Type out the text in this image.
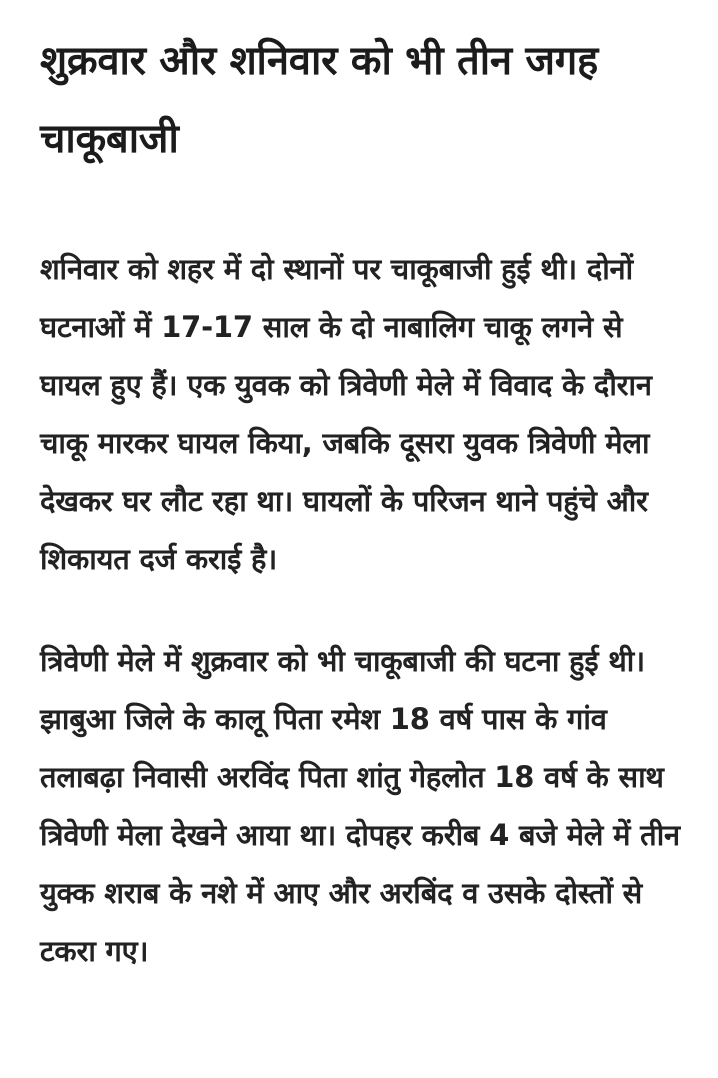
शुक्रवार और शनिवार को भी तीन जगह चाकूबाजी

शनिवार को शहर में दो स्थानों पर चाकूबाजी हुई थी। दोनों घटनाओं में 17-17 साल के दो नाबालिग चाकू लगने से घायल हुए हैं। एक युवक को त्रिवेणी मेले में विवाद के दौरान चाकू मारकर घायल किया, जबकि दूसरा युवक त्रिवेणी मेला देखकर घर लौट रहा था। घायलों के परिजन थाने पहुंचे और शिकायत दर्ज कराई है।

त्रिवेणी मेले में शुक्रवार को भी चाकूबाजी की घटना हुई थी। झाबुआ जिले के कालू पिता रमेश 18 वर्ष पास के गांव तलाबढ़ा निवासी अरविंद पिता शांतु गेहलोत 18 वर्ष के साथ त्रिवेणी मेला देखने आया था। दोपहर करीब 4 बजे मेले में तीन युक्क शराब के नशे में आए और अरबिंद व उसके दोस्तों से टकरा गए।
